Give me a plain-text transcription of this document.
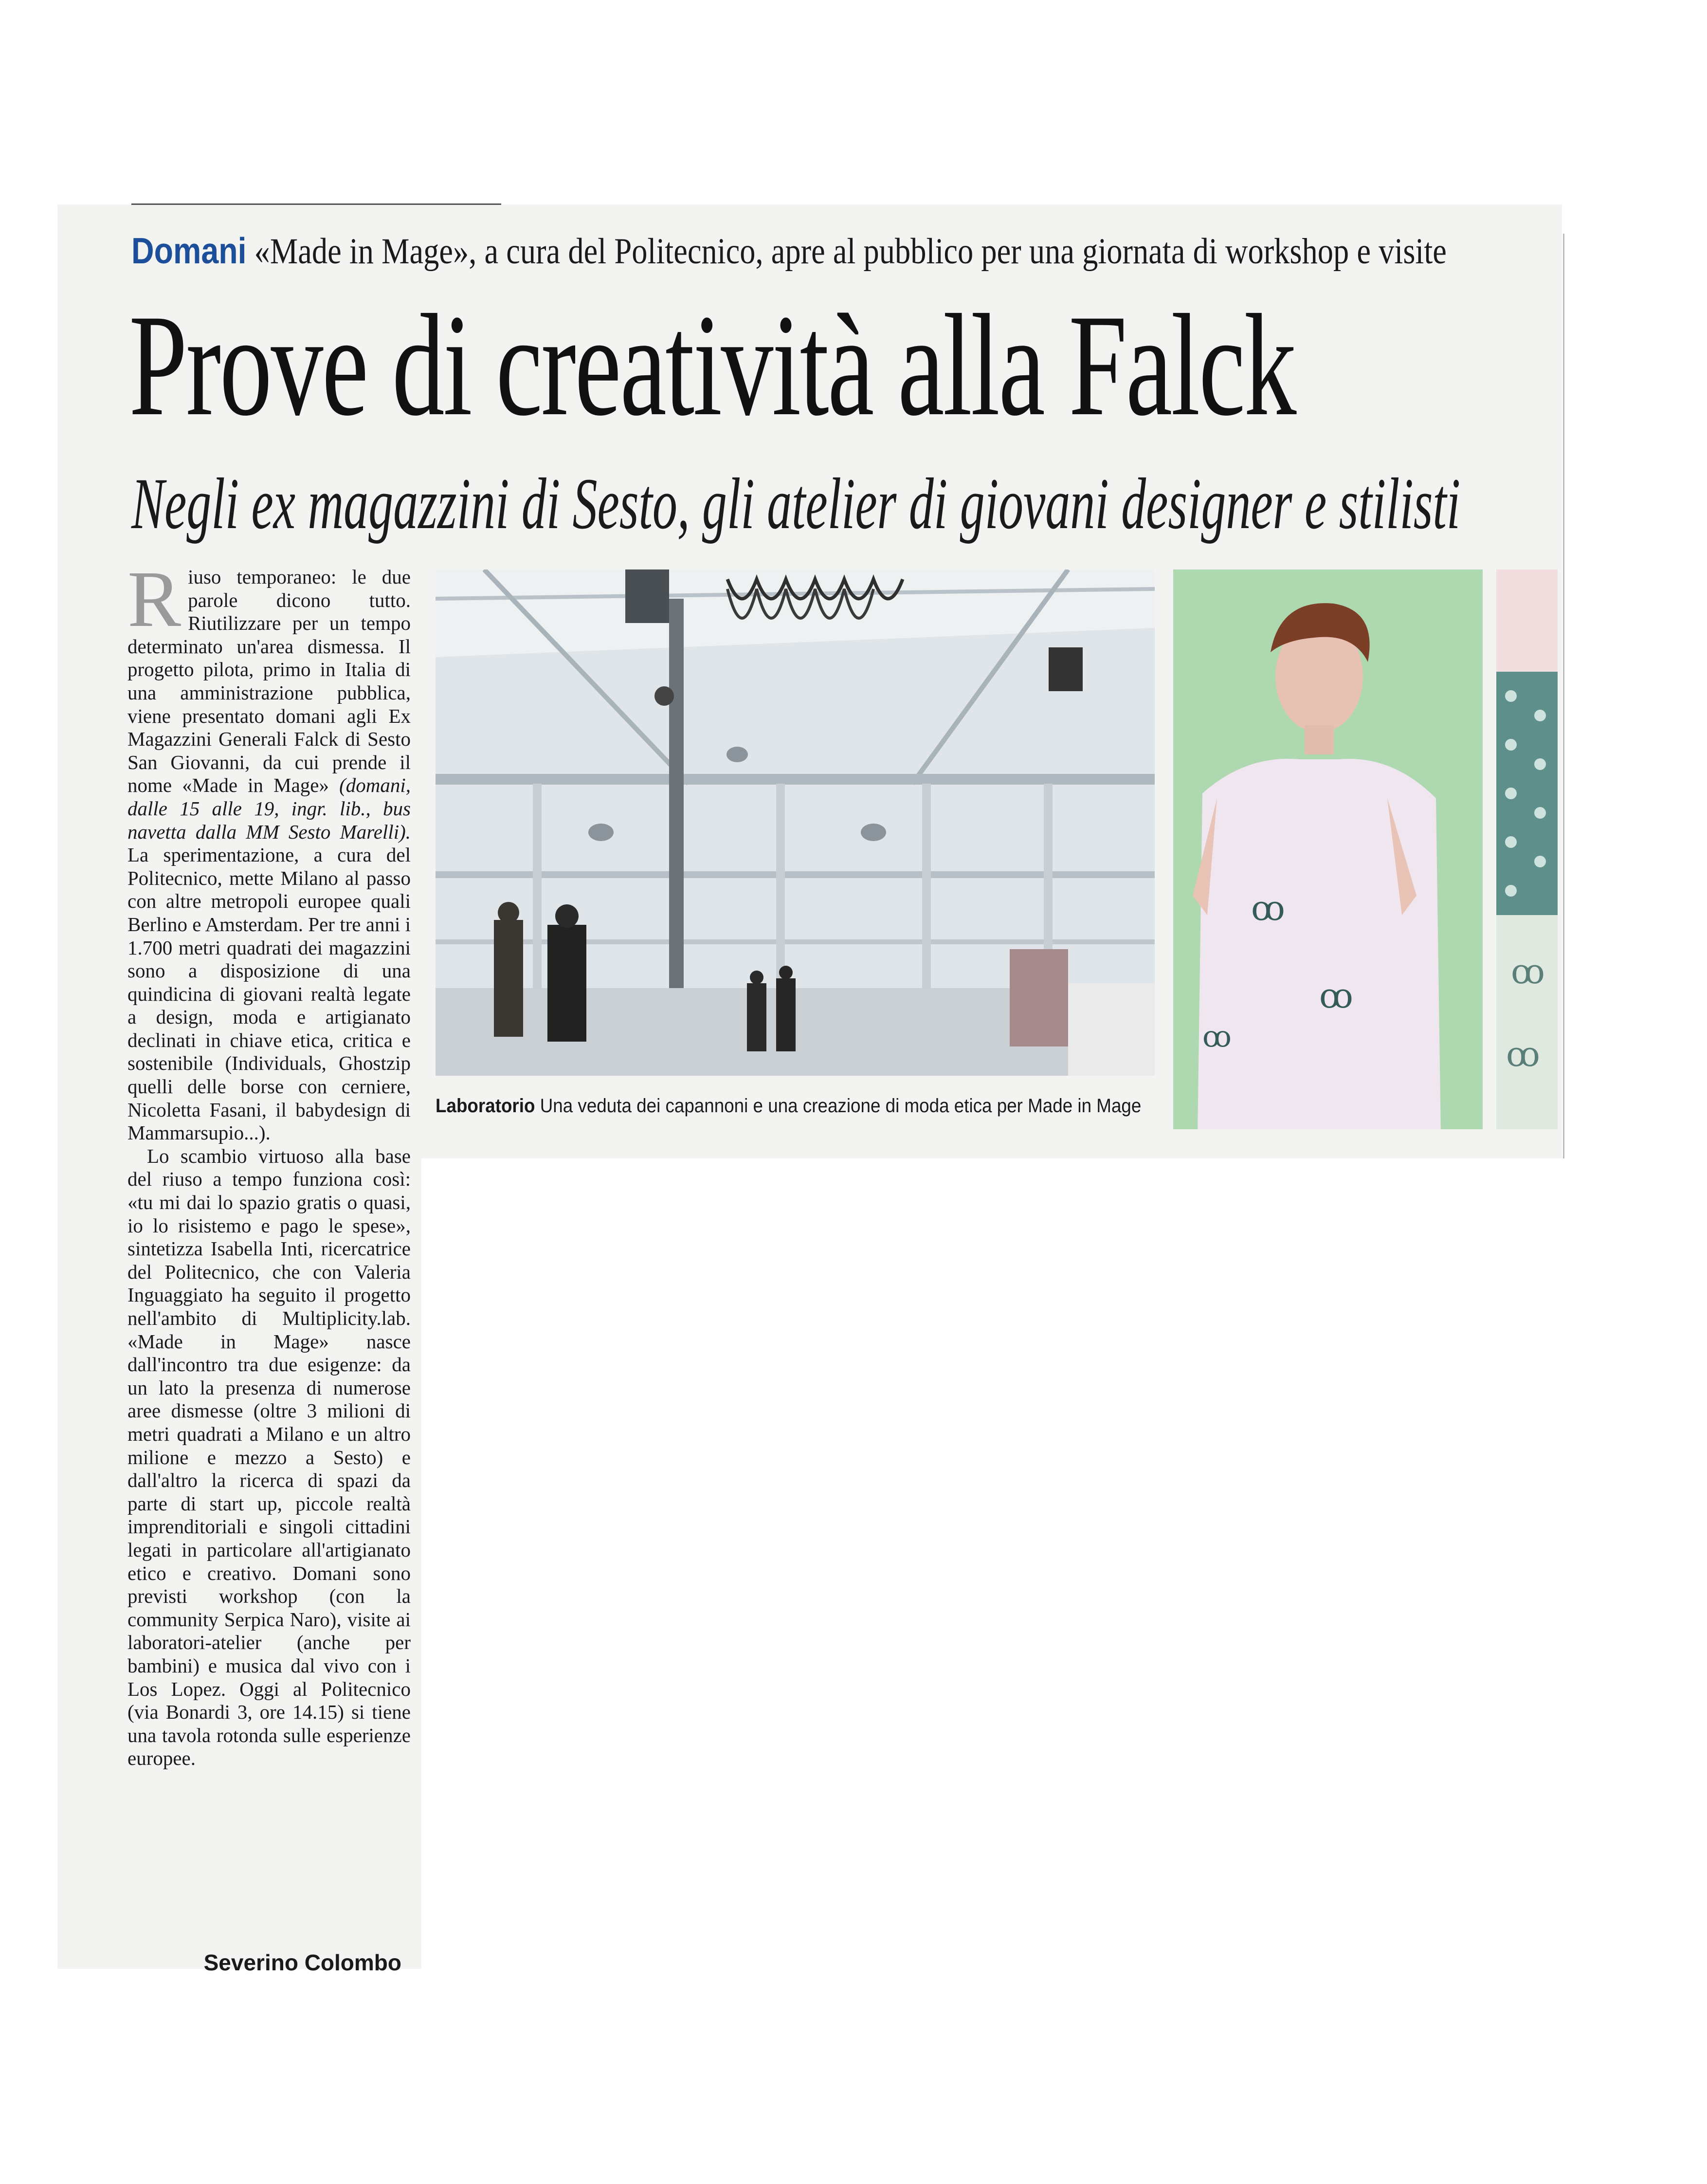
Domani «Made in Mage», a cura del Politecnico, apre al pubblico per una giornata di workshop e visite
Prove di creatività alla Falck
Negli ex magazzini di Sesto, gli atelier di giovani designer e stilisti

Riuso temporaneo: le due parole dicono tutto. Riutilizzare per un tempo determinato un'area dismessa. Il progetto pilota, primo in Italia di una amministrazione pubblica, viene presentato domani agli Ex Magazzini Generali Falck di Sesto San Giovanni, da cui prende il nome «Made in Mage» (domani, dalle 15 alle 19, ingr. lib., bus navetta dalla MM Sesto Marelli). La sperimentazione, a cura del Politecnico, mette Milano al passo con altre metropoli europee quali Berlino e Amsterdam. Per tre anni i 1.700 metri quadrati dei magazzini sono a disposizione di una quindicina di giovani realtà legate a design, moda e artigianato declinati in chiave etica, critica e sostenibile (Individuals, Ghostzip quelli delle borse con cerniere, Nicoletta Fasani, il babydesign di Mammarsupio...).

Lo scambio virtuoso alla base del riuso a tempo funziona così: «tu mi dai lo spazio gratis o quasi, io lo risistemo e pago le spese», sintetizza Isabella Inti, ricercatrice del Politecnico, che con Valeria Inguaggiato ha seguito il progetto nell'ambito di Multiplicity.lab. «Made in Mage» nasce dall'incontro tra due esigenze: da un lato la presenza di numerose aree dismesse (oltre 3 milioni di metri quadrati a Milano e un altro milione e mezzo a Sesto) e dall'altro la ricerca di spazi da parte di start up, piccole realtà imprenditoriali e singoli cittadini legati in particolare all'artigianato etico e creativo. Domani sono previsti workshop (con la community Serpica Naro), visite ai laboratori-atelier (anche per bambini) e musica dal vivo con i Los Lopez. Oggi al Politecnico (via Bonardi 3, ore 14.15) si tiene una tavola rotonda sulle esperienze europee.

Severino Colombo
ꝏ
ꝏ
ꝏ
ꝏ
ꝏ
Laboratorio Una veduta dei capannoni e una creazione di moda etica per Made in Mage
